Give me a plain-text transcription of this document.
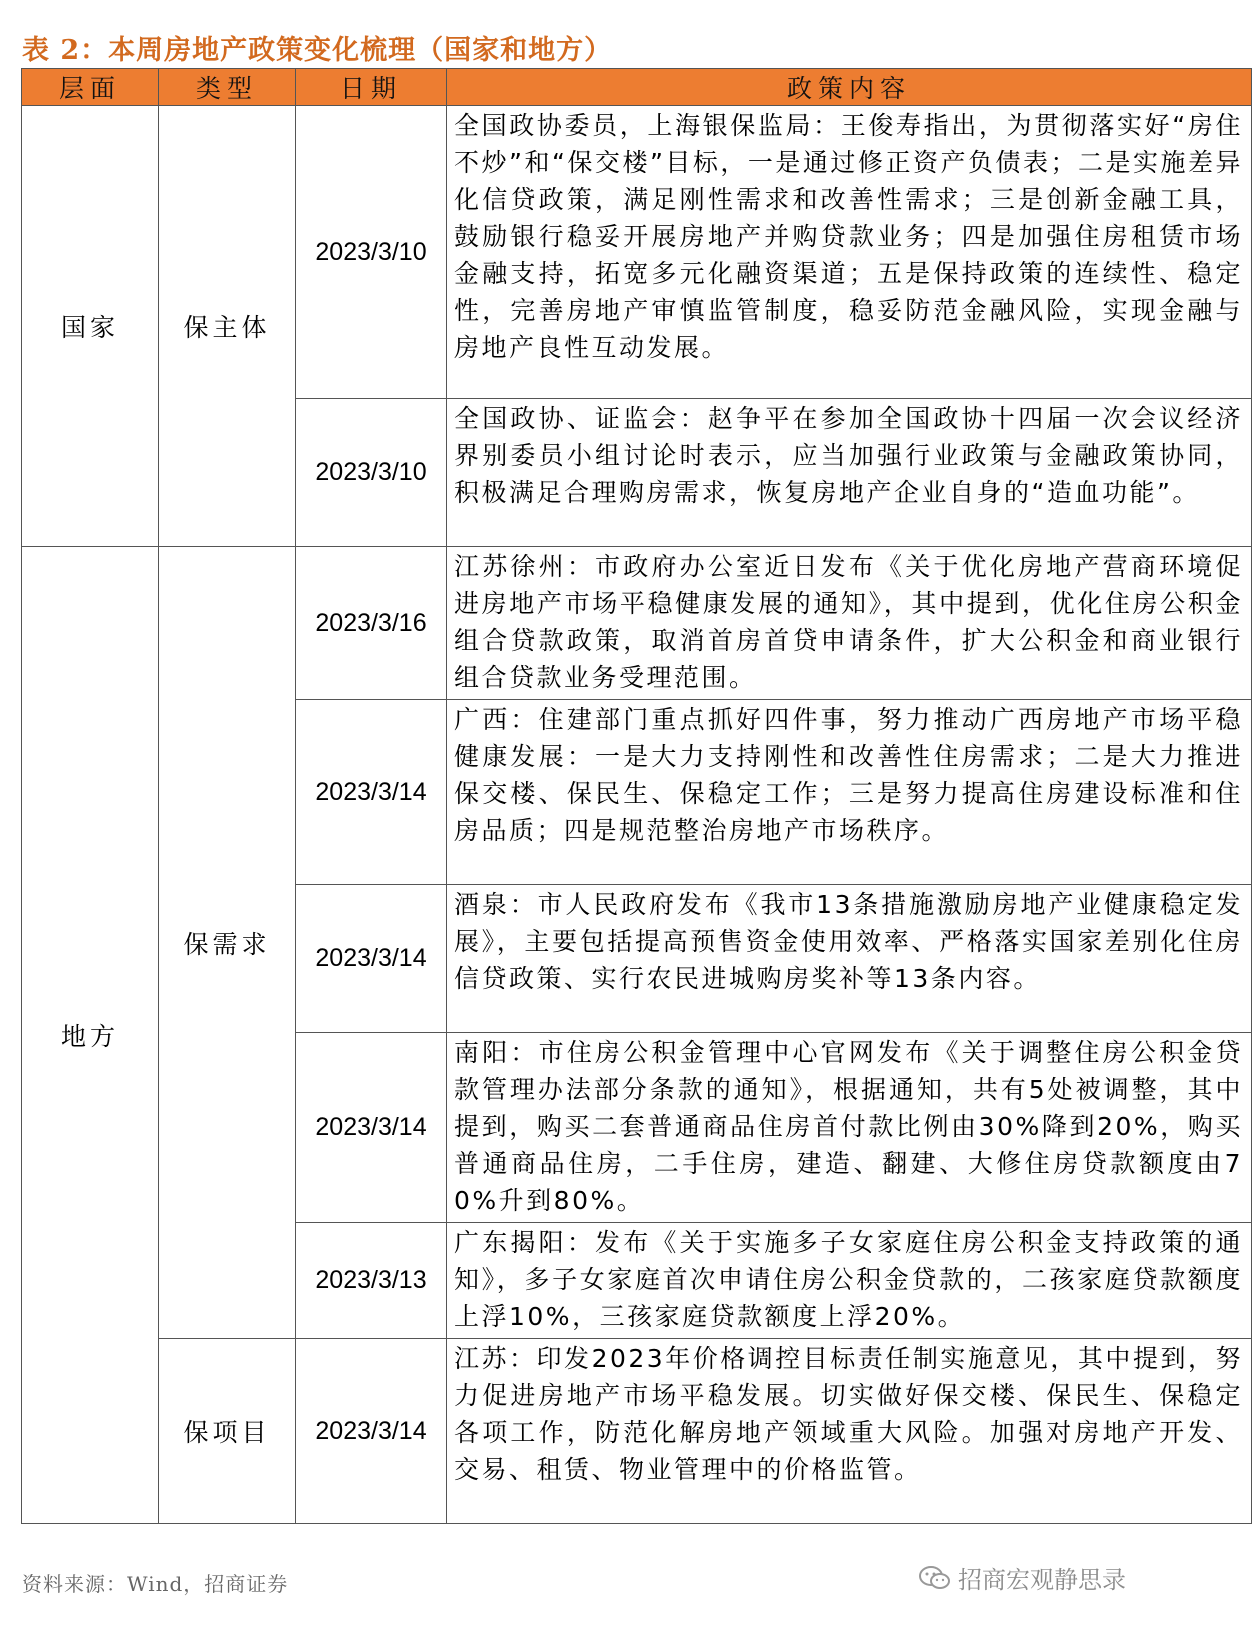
表 2：本周房地产政策变化梳理（国家和地方）
层面	类型	日期	政策内容
国家	保主体	2023/3/10	全国政协委员，上海银保监局：王俊寿指出，为贯彻落实好“房住不炒”和“保交楼”目标，一是通过修正资产负债表；二是实施差异化信贷政策，满足刚性需求和改善性需求；三是创新金融工具，鼓励银行稳妥开展房地产并购贷款业务；四是加强住房租赁市场金融支持，拓宽多元化融资渠道；五是保持政策的连续性、稳定性，完善房地产审慎监管制度，稳妥防范金融风险，实现金融与房地产良性互动发展。
		2023/3/10	全国政协、证监会：赵争平在参加全国政协十四届一次会议经济界别委员小组讨论时表示，应当加强行业政策与金融政策协同，积极满足合理购房需求，恢复房地产企业自身的“造血功能”。
地方	保需求	2023/3/16	江苏徐州：市政府办公室近日发布《关于优化房地产营商环境促进房地产市场平稳健康发展的通知》，其中提到，优化住房公积金组合贷款政策，取消首房首贷申请条件，扩大公积金和商业银行组合贷款业务受理范围。
		2023/3/14	广西：住建部门重点抓好四件事，努力推动广西房地产市场平稳健康发展：一是大力支持刚性和改善性住房需求；二是大力推进保交楼、保民生、保稳定工作；三是努力提高住房建设标准和住房品质；四是规范整治房地产市场秩序。
		2023/3/14	酒泉：市人民政府发布《我市13条措施激励房地产业健康稳定发展》，主要包括提高预售资金使用效率、严格落实国家差别化住房信贷政策、实行农民进城购房奖补等13条内容。
		2023/3/14	南阳：市住房公积金管理中心官网发布《关于调整住房公积金贷款管理办法部分条款的通知》，根据通知，共有5处被调整，其中提到，购买二套普通商品住房首付款比例由30%降到20%，购买普通商品住房，二手住房，建造、翻建、大修住房贷款额度由70%升到80%。
		2023/3/13	广东揭阳：发布《关于实施多子女家庭住房公积金支持政策的通知》，多子女家庭首次申请住房公积金贷款的，二孩家庭贷款额度上浮10%，三孩家庭贷款额度上浮20%。
	保项目	2023/3/14	江苏：印发2023年价格调控目标责任制实施意见，其中提到，努力促进房地产市场平稳发展。切实做好保交楼、保民生、保稳定各项工作，防范化解房地产领域重大风险。加强对房地产开发、交易、租赁、物业管理中的价格监管。
资料来源：Wind，招商证券	招商宏观静思录
